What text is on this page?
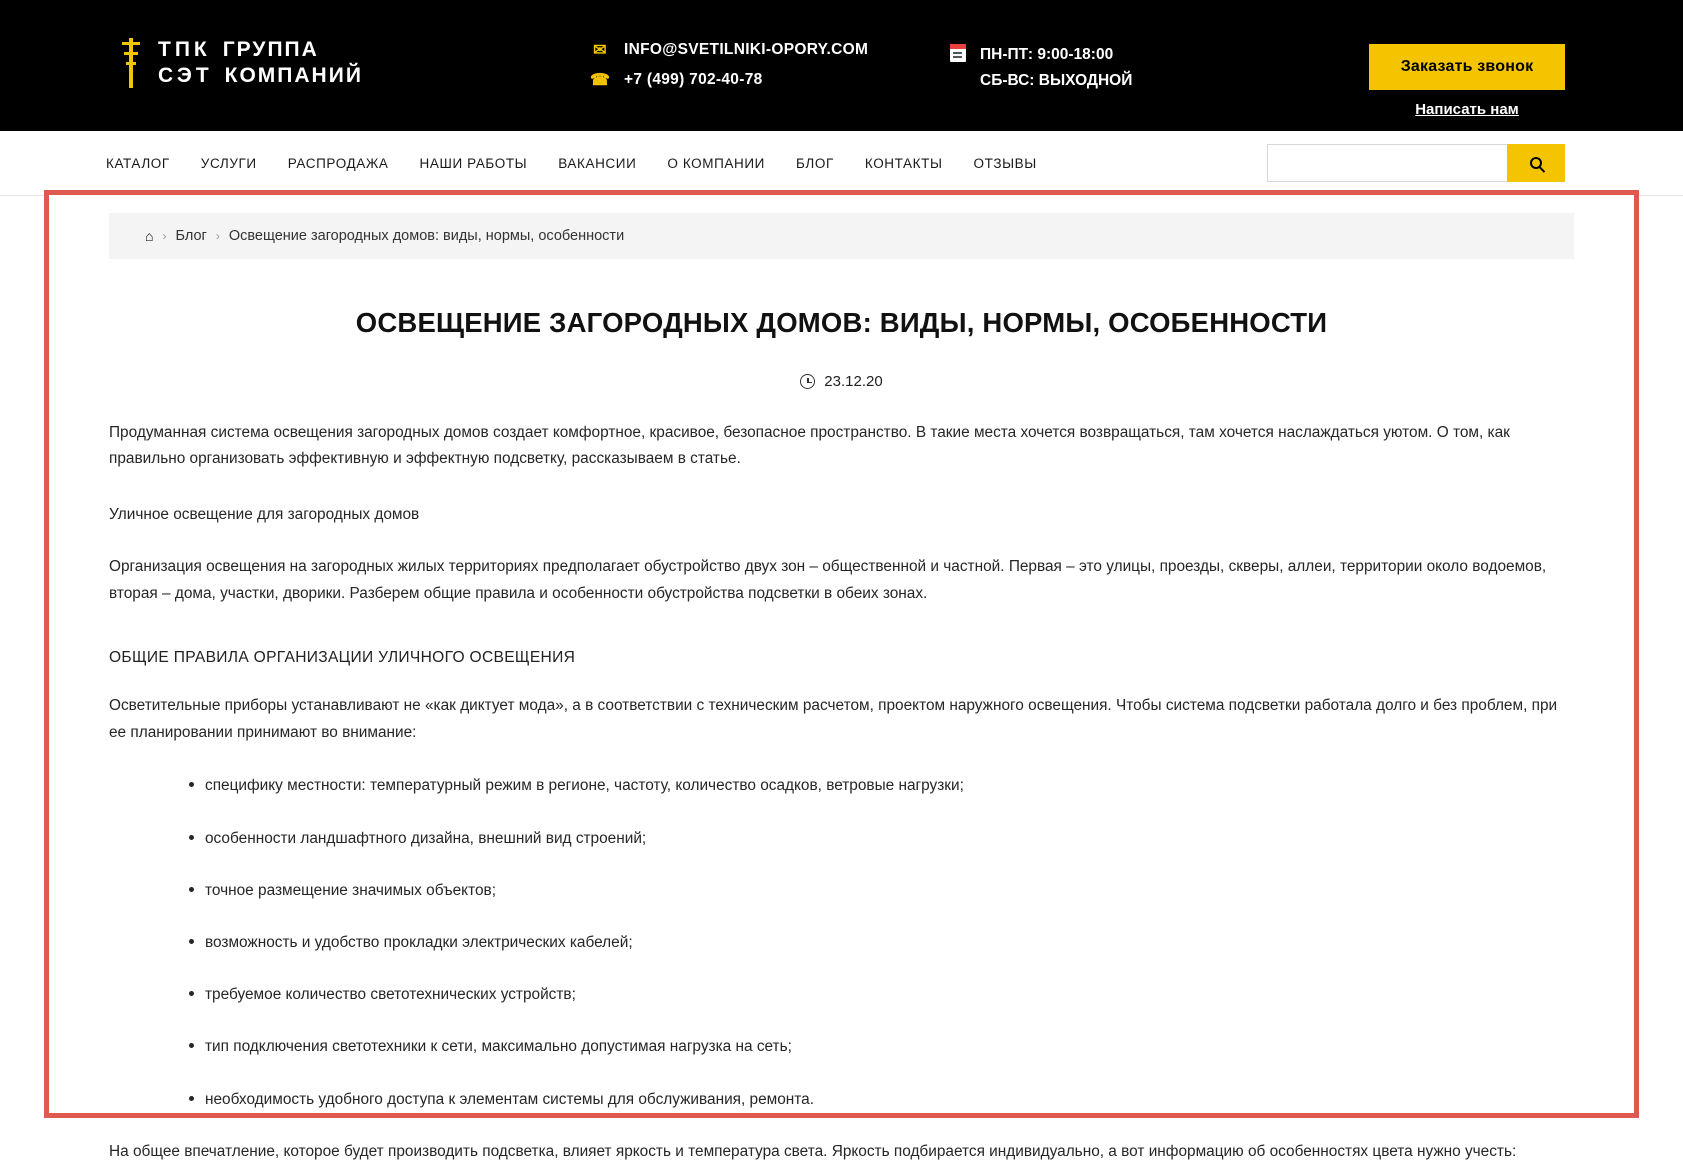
ТПК ГРУППА
СЭТ КОМПАНИЙ
✉ INFO@SVETILNIKI-OPORY.COM
☎ +7 (499) 702-40-78
ПН-ПТ: 9:00-18:00
СБ-ВС: ВЫХОДНОЙ
Заказать звонок
Написать нам
КАТАЛОГ УСЛУГИ РАСПРОДАЖА НАШИ РАБОТЫ ВАКАНСИИ О КОМПАНИИ БЛОГ КОНТАКТЫ ОТЗЫВЫ
⌂ › Блог › Освещение загородных домов: виды, нормы, особенности
ОСВЕЩЕНИЕ ЗАГОРОДНЫХ ДОМОВ: ВИДЫ, НОРМЫ, ОСОБЕННОСТИ
23.12.20

Продуманная система освещения загородных домов создает комфортное, красивое, безопасное пространство. В такие места хочется возвращаться, там хочется наслаждаться уютом. О том, как правильно организовать эффективную и эффектную подсветку, рассказываем в статье.

Уличное освещение для загородных домов

Организация освещения на загородных жилых территориях предполагает обустройство двух зон – общественной и частной. Первая – это улицы, проезды, скверы, аллеи, территории около водоемов, вторая – дома, участки, дворики. Разберем общие правила и особенности обустройства подсветки в обеих зонах.

ОБЩИЕ ПРАВИЛА ОРГАНИЗАЦИИ УЛИЧНОГО ОСВЕЩЕНИЯ

Осветительные приборы устанавливают не «как диктует мода», а в соответствии с техническим расчетом, проектом наружного освещения. Чтобы система подсветки работала долго и без проблем, при ее планировании принимают во внимание:

специфику местности: температурный режим в регионе, частоту, количество осадков, ветровые нагрузки;
особенности ландшафтного дизайна, внешний вид строений;
точное размещение значимых объектов;
возможность и удобство прокладки электрических кабелей;
требуемое количество светотехнических устройств;
тип подключения светотехники к сети, максимально допустимая нагрузка на сеть;
необходимость удобного доступа к элементам системы для обслуживания, ремонта.

На общее впечатление, которое будет производить подсветка, влияет яркость и температура света. Яркость подбирается индивидуально, а вот информацию об особенностях цвета нужно учесть:
